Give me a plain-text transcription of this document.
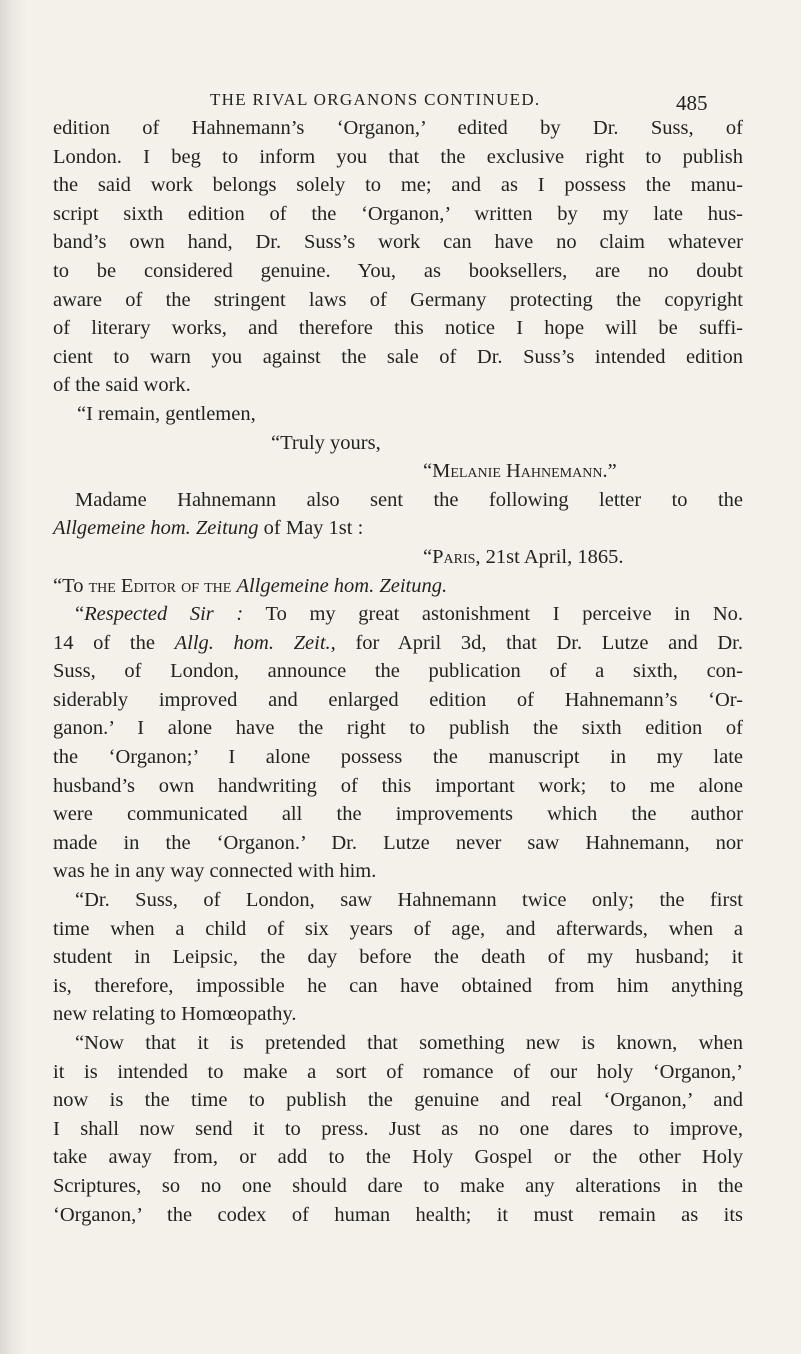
THE RIVAL ORGANONS CONTINUED.	485
edition of Hahnemann’s ‘Organon,’ edited by Dr. Suss, of
London. I beg to inform you that the exclusive right to publish
the said work belongs solely to me; and as I possess the manu-
script sixth edition of the ‘Organon,’ written by my late hus-
band’s own hand, Dr. Suss’s work can have no claim whatever
to be considered genuine. You, as booksellers, are no doubt
aware of the stringent laws of Germany protecting the copyright
of literary works, and therefore this notice I hope will be suffi-
cient to warn you against the sale of Dr. Suss’s intended edition
of the said work.
“I remain, gentlemen,
“Truly yours,
“Melanie Hahnemann.”
Madame Hahnemann also sent the following letter to the
Allgemeine hom. Zeitung of May 1st :
“Paris, 21st April, 1865.
“To the Editor of the Allgemeine hom. Zeitung.
“Respected Sir : To my great astonishment I perceive in No.
14 of the Allg. hom. Zeit., for April 3d, that Dr. Lutze and Dr.
Suss, of London, announce the publication of a sixth, con-
siderably improved and enlarged edition of Hahnemann’s ‘Or-
ganon.’ I alone have the right to publish the sixth edition of
the ‘Organon;’ I alone possess the manuscript in my late
husband’s own handwriting of this important work; to me alone
were communicated all the improvements which the author
made in the ‘Organon.’ Dr. Lutze never saw Hahnemann, nor
was he in any way connected with him.
“Dr. Suss, of London, saw Hahnemann twice only; the first
time when a child of six years of age, and afterwards, when a
student in Leipsic, the day before the death of my husband; it
is, therefore, impossible he can have obtained from him anything
new relating to Homœopathy.
“Now that it is pretended that something new is known, when
it is intended to make a sort of romance of our holy ‘Organon,’
now is the time to publish the genuine and real ‘Organon,’ and
I shall now send it to press. Just as no one dares to improve,
take away from, or add to the Holy Gospel or the other Holy
Scriptures, so no one should dare to make any alterations in the
‘Organon,’ the codex of human health; it must remain as its
